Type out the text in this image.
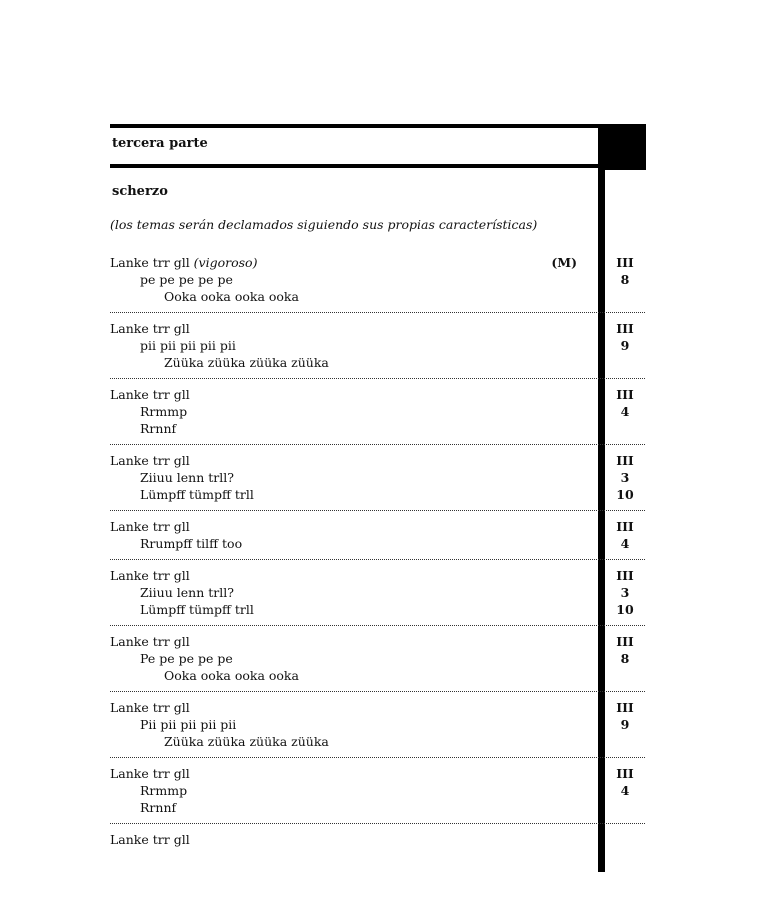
tercera parte
scherzo
(los temas serán declamados siguiendo sus propias características)
Lanke trr gll (vigoroso)
pe pe pe pe pe
Ooka ooka ooka ooka
(M)	III
8
Lanke trr gll
pii pii pii pii pii
Züüka züüka züüka züüka
III
9
Lanke trr gll
Rrmmp
Rrnnf
III
4
Lanke trr gll
Ziiuu lenn trll?
Lümpff tümpff trll
III
3
10
Lanke trr gll
Rrumpff tilff too
III
4
Lanke trr gll
Ziiuu lenn trll?
Lümpff tümpff trll
III
3
10
Lanke trr gll
Pe pe pe pe pe
Ooka ooka ooka ooka
III
8
Lanke trr gll
Pii pii pii pii pii
Züüka züüka züüka züüka
III
9
Lanke trr gll
Rrmmp
Rrnnf
III
4
Lanke trr gll
